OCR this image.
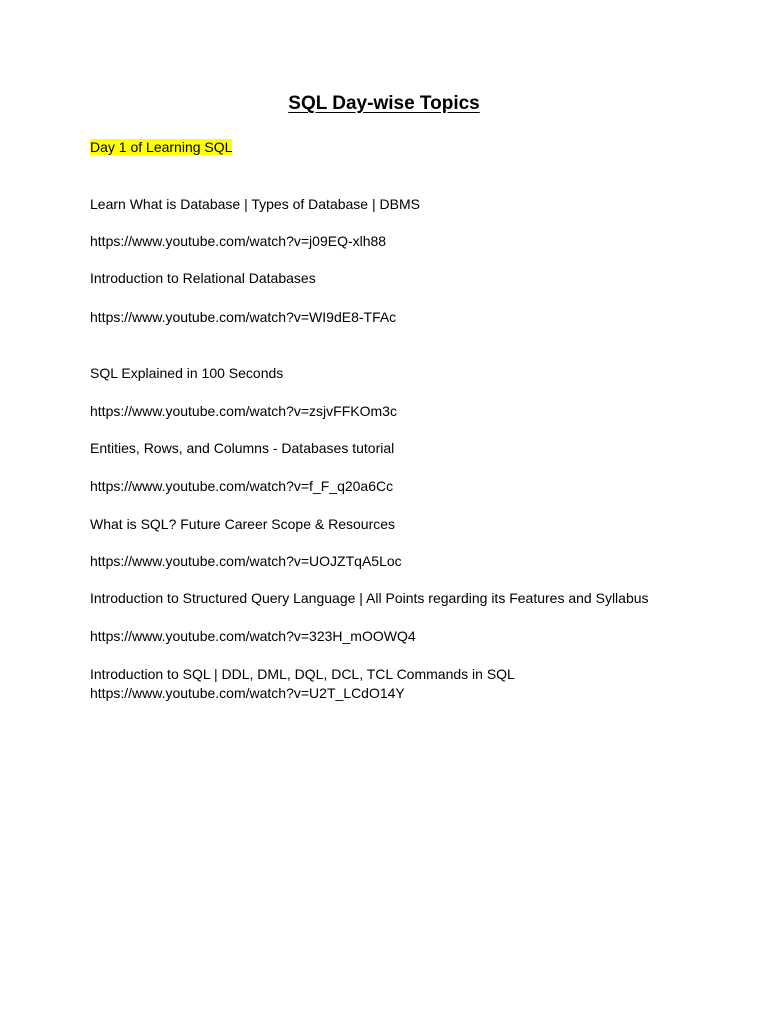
SQL Day-wise Topics

Day 1 of Learning SQL

Learn What is Database | Types of Database | DBMS

https://www.youtube.com/watch?v=j09EQ-xlh88

Introduction to Relational Databases

https://www.youtube.com/watch?v=WI9dE8-TFAc

SQL Explained in 100 Seconds

https://www.youtube.com/watch?v=zsjvFFKOm3c

Entities, Rows, and Columns - Databases tutorial

https://www.youtube.com/watch?v=f_F_q20a6Cc

What is SQL? Future Career Scope & Resources

https://www.youtube.com/watch?v=UOJZTqA5Loc

Introduction to Structured Query Language | All Points regarding its Features and Syllabus

https://www.youtube.com/watch?v=323H_mOOWQ4

Introduction to SQL | DDL, DML, DQL, DCL, TCL Commands in SQL

https://www.youtube.com/watch?v=U2T_LCdO14Y
